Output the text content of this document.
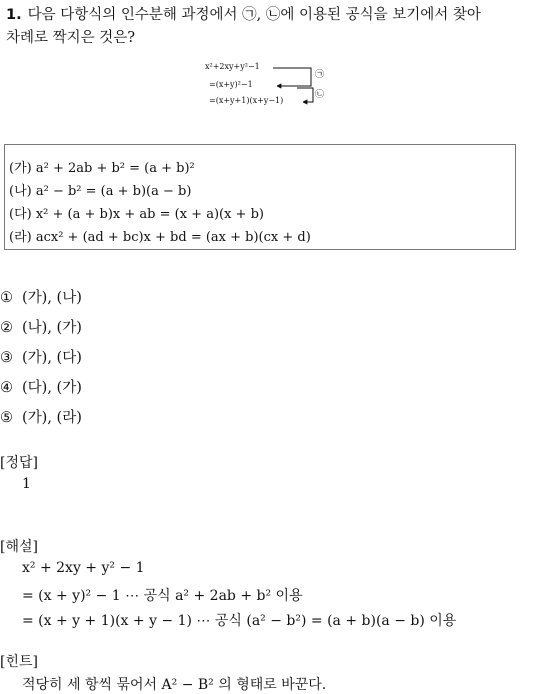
1. 다음 다항식의 인수분해 과정에서 ㉠, ㉡에 이용된 공식을 보기에서 찾아
차례로 짝지은 것은?
x²+2xy+y²−1
=(x+y)²−1
=(x+y+1)(x+y−1)
㉠
㉡
(가) a² + 2ab + b² = (a + b)²
(나) a² − b² = (a + b)(a − b)
(다) x² + (a + b)x + ab = (x + a)(x + b)
(라) acx² + (ad + bc)x + bd = (ax + b)(cx + d)
① (가), (나)
② (나), (가)
③ (가), (다)
④ (다), (가)
⑤ (가), (라)
[정답]
1
[해설]
x² + 2xy + y² − 1
= (x + y)² − 1 ⋯ 공식 a² + 2ab + b² 이용
= (x + y + 1)(x + y − 1) ⋯ 공식 (a² − b²) = (a + b)(a − b) 이용
[힌트]
적당히 세 항씩 묶어서 A² − B² 의 형태로 바꾼다.
